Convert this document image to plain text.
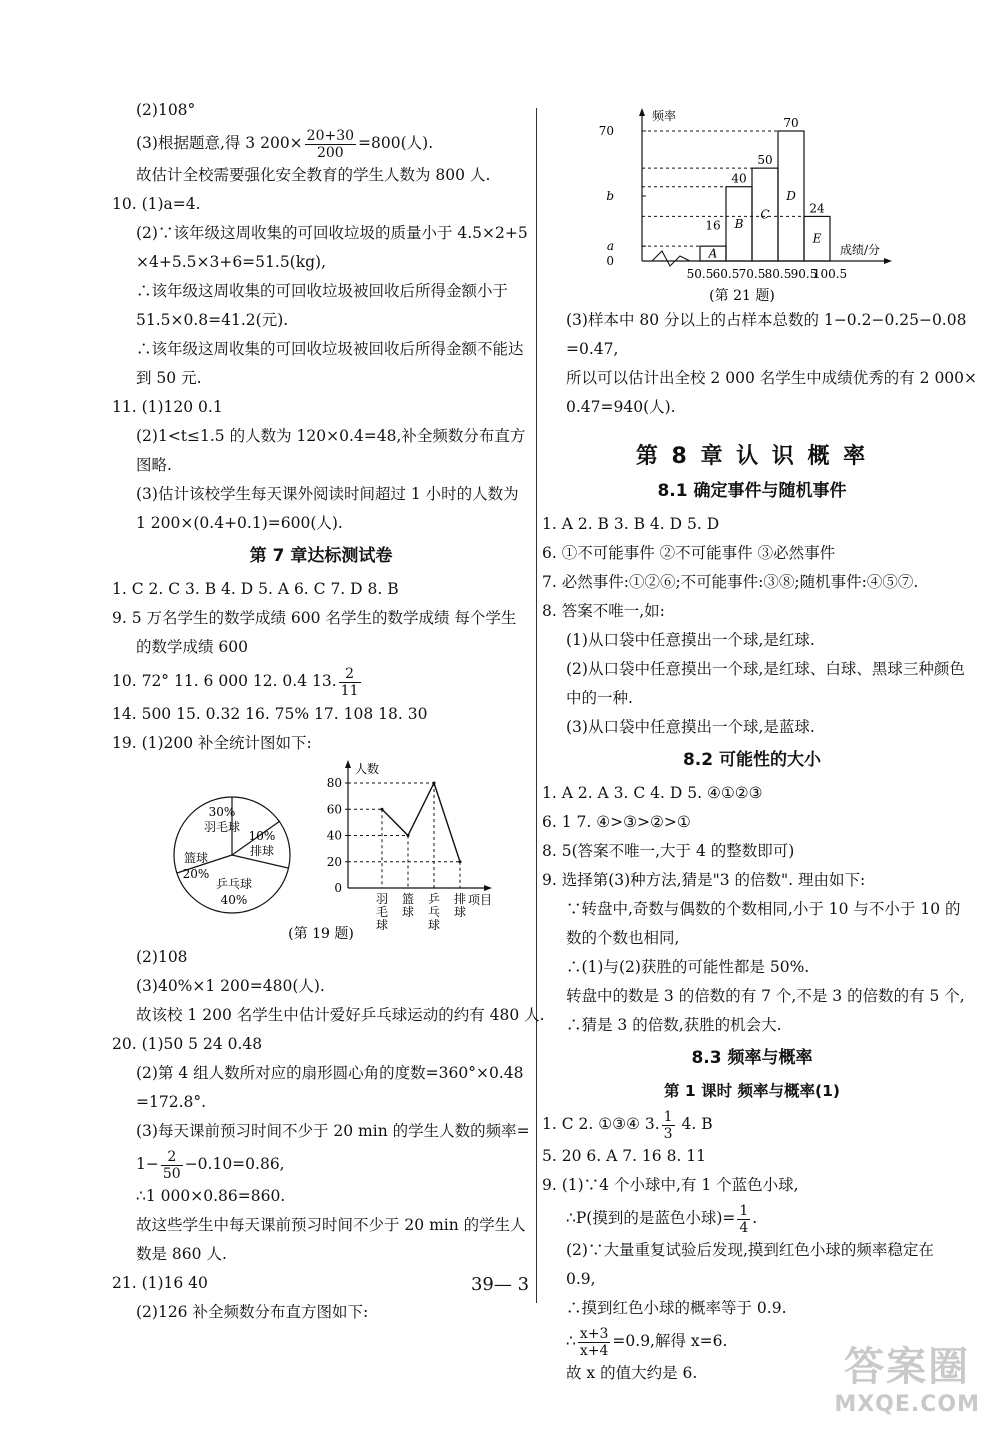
(2)108°
(3)根据题意,得 3 $200\times \frac{20+30}{200} =800$(人).
故估计全校需要强化安全教育的学生人数为 800 人.
10. (1)a=4.
(2)∵该年级这周收集的可回收垃圾的质量小于 4.5×2+5
×4+5.5×3+6=51.5(kg),
∴该年级这周收集的可回收垃圾被回收后所得金额小于
51.5×0.8=41.2(元).
∴该年级这周收集的可回收垃圾被回收后所得金额不能达
到 50 元.
11. (1)120 0.1
(2)1<t≤1.5 的人数为 120×0.4=48,补全频数分布直方
图略.
(3)估计该校学生每天课外阅读时间超过 1 小时的人数为
1 200×(0.4+0.1)=600(人).
第 7 章达标测试卷
1. C 2. C 3. B 4. D 5. A 6. C 7. D 8. B
9. 5 万名学生的数学成绩 600 名学生的数学成绩 每个学生
的数学成绩 600
10. 72° 11. 6 000 12. 0.4 13. $\frac{2}{11}$
14. 500 15. 0.32 16. 75% 17. 108 18. 30
19. (1)200 补全统计图如下:
30%
羽毛球
10%
排球
乒乓球
40%
篮球
20%
人数
项目
0
20
40
60
80
羽
毛
球
篮
球
乒
乓
球
排
球
(第 19 题)
(2)108
(3)40%×1 200=480(人).
故该校 1 200 名学生中估计爱好乒乓球运动的约有 480 人.
20. (1)50 5 24 0.48
(2)第 4 组人数所对应的扇形圆心角的度数=360°×0.48
=172.8°.
(3)每天课前预习时间不少于 20 min 的学生人数的频率=
$1- \frac{2}{50} -0.10=0.86$,
∴1 000×0.86=860.
故这些学生中每天课前预习时间不少于 20 min 的学生人
数是 860 人.
21. (1)16 40
(2)126 补全频数分布直方图如下:
频率
成绩/分
0
a
b
70
50.5 60.5 70.5 80.5 90.5
100.5
A
B
40
C
50
D
70
E
24
16
(第 21 题)
(3)样本中 80 分以上的占样本总数的 1−0.2−0.25−0.08
=0.47,
所以可以估计出全校 2 000 名学生中成绩优秀的有 2 000×
0.47=940(人).
第 8 章 认 识 概 率
8.1 确定事件与随机事件
1. A 2. B 3. B 4. D 5. D
6. ①不可能事件 ②不可能事件 ③必然事件
7. 必然事件:①②⑥;不可能事件:③⑧;随机事件:④⑤⑦.
8. 答案不唯一,如:
(1)从口袋中任意摸出一个球,是红球.
(2)从口袋中任意摸出一个球,是红球、白球、黑球三种颜色
中的一种.
(3)从口袋中任意摸出一个球,是蓝球.
8.2 可能性的大小
1. A 2. A 3. C 4. D 5. ④①②③
6. 1 7. ④>③>②>①
8. 5(答案不唯一,大于 4 的整数即可)
9. 选择第(3)种方法,猜是"3 的倍数". 理由如下:
∵转盘中,奇数与偶数的个数相同,小于 10 与不小于 10 的
数的个数也相同,
∴(1)与(2)获胜的可能性都是 50%.
转盘中的数是 3 的倍数的有 7 个,不是 3 的倍数的有 5 个,
∴猜是 3 的倍数,获胜的机会大.
8.3 频率与概率
第 1 课时 频率与概率(1)
1. C 2. ①③④ 3. $\frac{1}{3} 4$. B
5. 20 6. A 7. 16 8. 11
9. (1)∵4 个小球中,有 1 个蓝色小球,
∴P(摸到的是蓝色小球)= $\frac{1}{4}$ .
(2)∵大量重复试验后发现,摸到红色小球的频率稳定在
0.9,
∴摸到红色小球的概率等于 0.9.
∴ $\frac{x+3}{x+4} =0.9$,解得 x=6.
故 x 的值大约是 6.
39— 3
答案圈
MXQE.COM
